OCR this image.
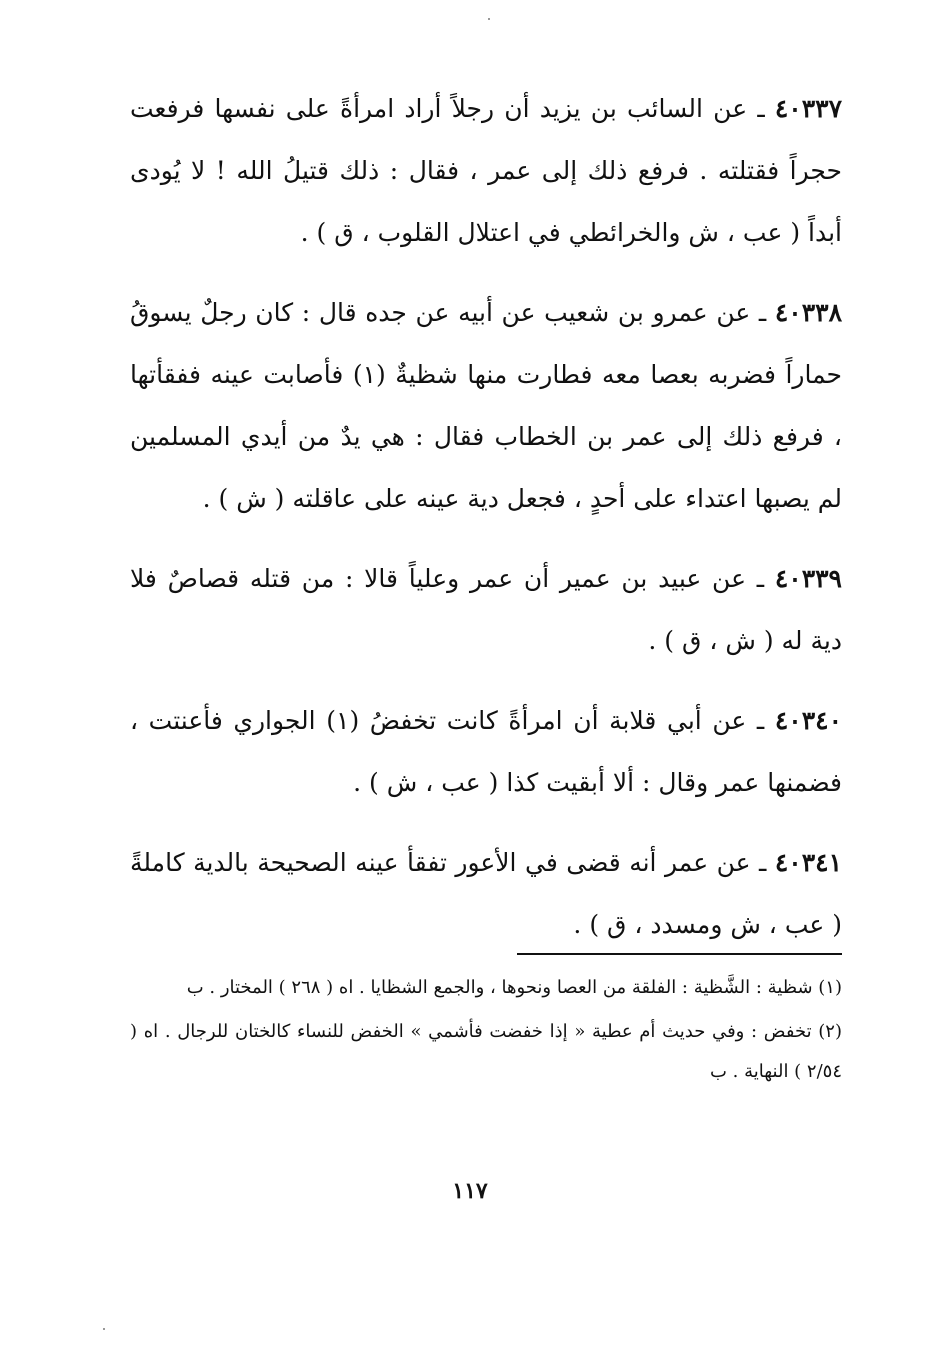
٤٠٣٣٧ ـ عن السائب بن يزيد أن رجلاً أراد امرأةً على نفسها فرفعت حجراً فقتلته . فرفع ذلك إلى عمر ، فقال : ذلك قتيلُ الله ! لا يُودى أبداً ( عب ، ش والخرائطي في اعتلال القلوب ، ق ) .

٤٠٣٣٨ ـ عن عمرو بن شعيب عن أبيه عن جده قال : كان رجلٌ يسوقُ حماراً فضربه بعصا معه فطارت منها شظيةٌ (١) فأصابت عينه ففقأتها ، فرفع ذلك إلى عمر بن الخطاب فقال : هي يدٌ من أيدي المسلمين لم يصبها اعتداء على أحدٍ ، فجعل دية عينه على عاقلته ( ش ) .

٤٠٣٣٩ ـ عن عبيد بن عمير أن عمر وعلياً قالا : من قتله قصاصٌ فلا دية له ( ش ، ق ) .

٤٠٣٤٠ ـ عن أبي قلابة أن امرأةً كانت تخفضُ (١) الجواري فأعنتت ، فضمنها عمر وقال : ألا أبقيت كذا ( عب ، ش ) .

٤٠٣٤١ ـ عن عمر أنه قضى في الأعور تفقأ عينه الصحيحة بالدية كاملةً ( عب ، ش ومسدد ، ق ) .

(١) شظية : الشَّظية : الفلقة من العصا ونحوها ، والجمع الشظايا . اه ( ٢٦٨ ) المختار . ب

(٢) تخفض : وفي حديث أم عطية « إذا خفضت فأشمي » الخفض للنساء كالختان للرجال . اه ( ٢/٥٤ ) النهاية . ب

١١٧
